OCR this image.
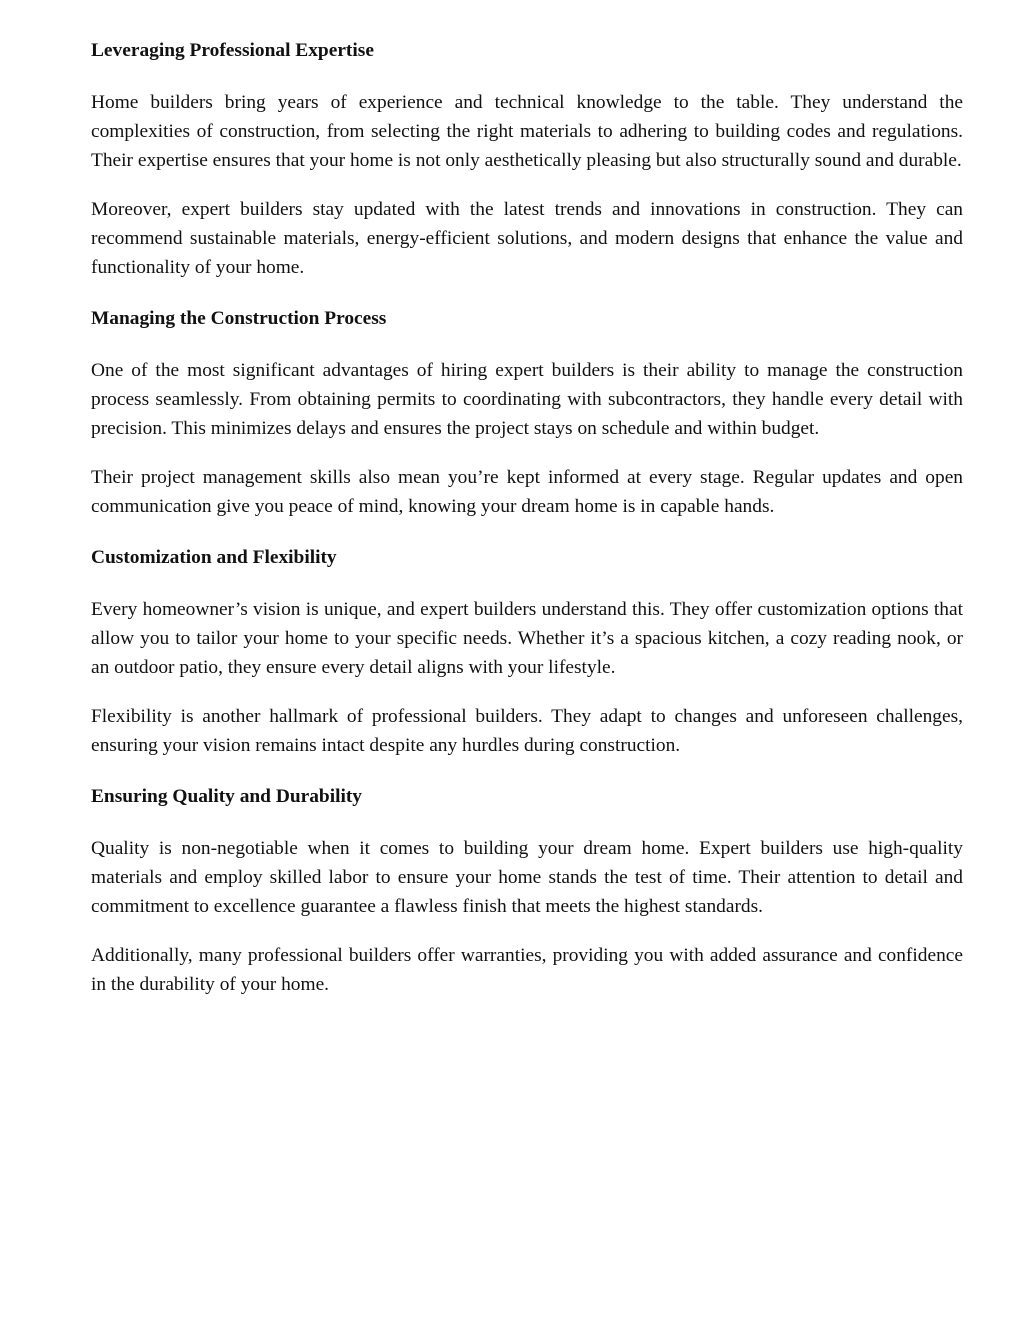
Leveraging Professional Expertise

Home builders bring years of experience and technical knowledge to the table. They understand the complexities of construction, from selecting the right materials to adhering to building codes and regulations. Their expertise ensures that your home is not only aesthetically pleasing but also structurally sound and durable.

Moreover, expert builders stay updated with the latest trends and innovations in construction. They can recommend sustainable materials, energy-efficient solutions, and modern designs that enhance the value and functionality of your home.

Managing the Construction Process

One of the most significant advantages of hiring expert builders is their ability to manage the construction process seamlessly. From obtaining permits to coordinating with subcontractors, they handle every detail with precision. This minimizes delays and ensures the project stays on schedule and within budget.

Their project management skills also mean you’re kept informed at every stage. Regular updates and open communication give you peace of mind, knowing your dream home is in capable hands.

Customization and Flexibility

Every homeowner’s vision is unique, and expert builders understand this. They offer customization options that allow you to tailor your home to your specific needs. Whether it’s a spacious kitchen, a cozy reading nook, or an outdoor patio, they ensure every detail aligns with your lifestyle.

Flexibility is another hallmark of professional builders. They adapt to changes and unforeseen challenges, ensuring your vision remains intact despite any hurdles during construction.

Ensuring Quality and Durability

Quality is non-negotiable when it comes to building your dream home. Expert builders use high-quality materials and employ skilled labor to ensure your home stands the test of time. Their attention to detail and commitment to excellence guarantee a flawless finish that meets the highest standards.

Additionally, many professional builders offer warranties, providing you with added assurance and confidence in the durability of your home.
